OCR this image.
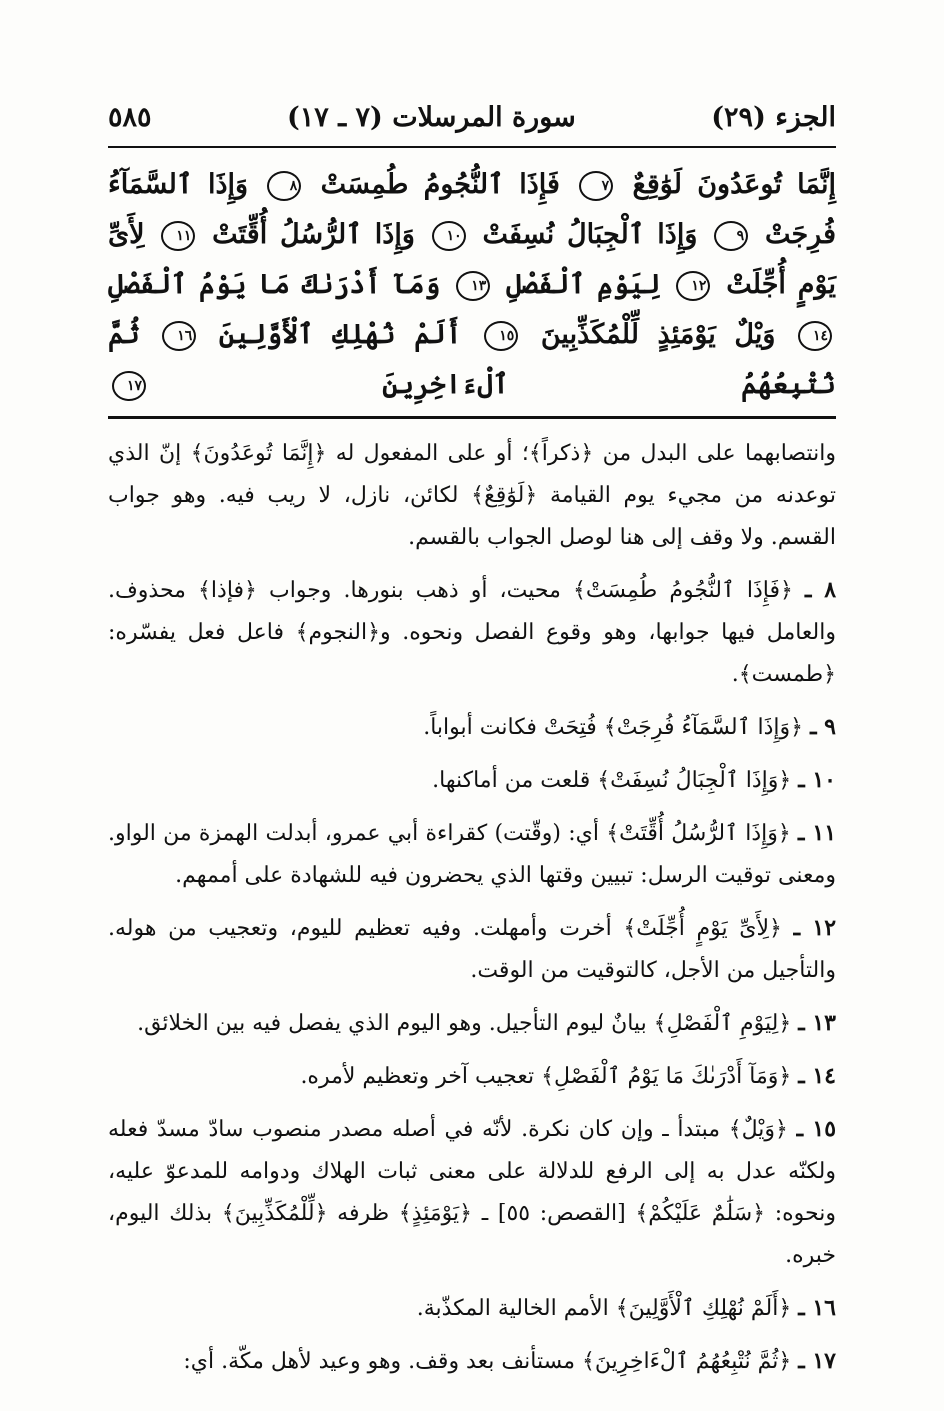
الجزء (٢٩)
سورة المرسلات (٧ ـ ١٧)
٥٨٥
إِنَّمَا تُوعَدُونَ لَوَٰقِعٌ ٧ فَإِذَا ٱلنُّجُومُ طُمِسَتْ ٨ وَإِذَا ٱلسَّمَآءُ فُرِجَتْ ٩ وَإِذَا ٱلْجِبَالُ نُسِفَتْ ١٠ وَإِذَا ٱلرُّسُلُ أُقِّتَتْ ١١ لِأَىِّ يَوْمٍ أُجِّلَتْ ١٢ لِيَوْمِ ٱلْفَصْلِ ١٣ وَمَآ أَدْرَىٰكَ مَا يَوْمُ ٱلْفَصْلِ ١٤ وَيْلٌ يَوْمَئِذٍ لِّلْمُكَذِّبِينَ ١٥ أَلَمْ نُهْلِكِ ٱلْأَوَّلِينَ ١٦ ثُمَّ نُتْبِعُهُمُ ٱلْءَاخِرِينَ ١٧

وانتصابهما على البدل من ﴿ذكراً﴾؛ أو على المفعول له ﴿إِنَّمَا تُوعَدُونَ﴾ إنّ الذي توعدنه من مجيء يوم القيامة ﴿لَوَٰقِعٌ﴾ لكائن، نازل، لا ريب فيه. وهو جواب القسم. ولا وقف إلى هنا لوصل الجواب بالقسم.

٨ ـ ﴿فَإِذَا ٱلنُّجُومُ طُمِسَتْ﴾ محيت، أو ذهب بنورها. وجواب ﴿فإذا﴾ محذوف. والعامل فيها جوابها، وهو وقوع الفصل ونحوه. و﴿النجوم﴾ فاعل فعل يفسّره: ﴿طمست﴾.

٩ ـ ﴿وَإِذَا ٱلسَّمَآءُ فُرِجَتْ﴾ فُتِحَتْ فكانت أبواباً.

١٠ ـ ﴿وَإِذَا ٱلْجِبَالُ نُسِفَتْ﴾ قلعت من أماكنها.

١١ ـ ﴿وَإِذَا ٱلرُّسُلُ أُقِّتَتْ﴾ أي: (وقّتت) كقراءة أبي عمرو، أبدلت الهمزة من الواو. ومعنى توقيت الرسل: تبيين وقتها الذي يحضرون فيه للشهادة على أممهم.

١٢ ـ ﴿لِأَىِّ يَوْمٍ أُجِّلَتْ﴾ أخرت وأمهلت. وفيه تعظيم لليوم، وتعجيب من هوله. والتأجيل من الأجل، كالتوقيت من الوقت.

١٣ ـ ﴿لِيَوْمِ ٱلْفَصْلِ﴾ بيانٌ ليوم التأجيل. وهو اليوم الذي يفصل فيه بين الخلائق.

١٤ ـ ﴿وَمَآ أَدْرَىٰكَ مَا يَوْمُ ٱلْفَصْلِ﴾ تعجيب آخر وتعظيم لأمره.

١٥ ـ ﴿وَيْلٌ﴾ مبتدأ ـ وإن كان نكرة. لأنّه في أصله مصدر منصوب سادّ مسدّ فعله ولكنّه عدل به إلى الرفع للدلالة على معنى ثبات الهلاك ودوامه للمدعوّ عليه، ونحوه: ﴿سَلَٰمٌ عَلَيْكُمْ﴾ [القصص: ٥٥] ـ ﴿يَوْمَئِذٍ﴾ ظرفه ﴿لِّلْمُكَذِّبِينَ﴾ بذلك اليوم، خبره.

١٦ ـ ﴿أَلَمْ نُهْلِكِ ٱلْأَوَّلِينَ﴾ الأمم الخالية المكذّبة.

١٧ ـ ﴿ثُمَّ نُتْبِعُهُمُ ٱلْءَاخِرِينَ﴾ مستأنف بعد وقف. وهو وعيد لأهل مكّة. أي:
